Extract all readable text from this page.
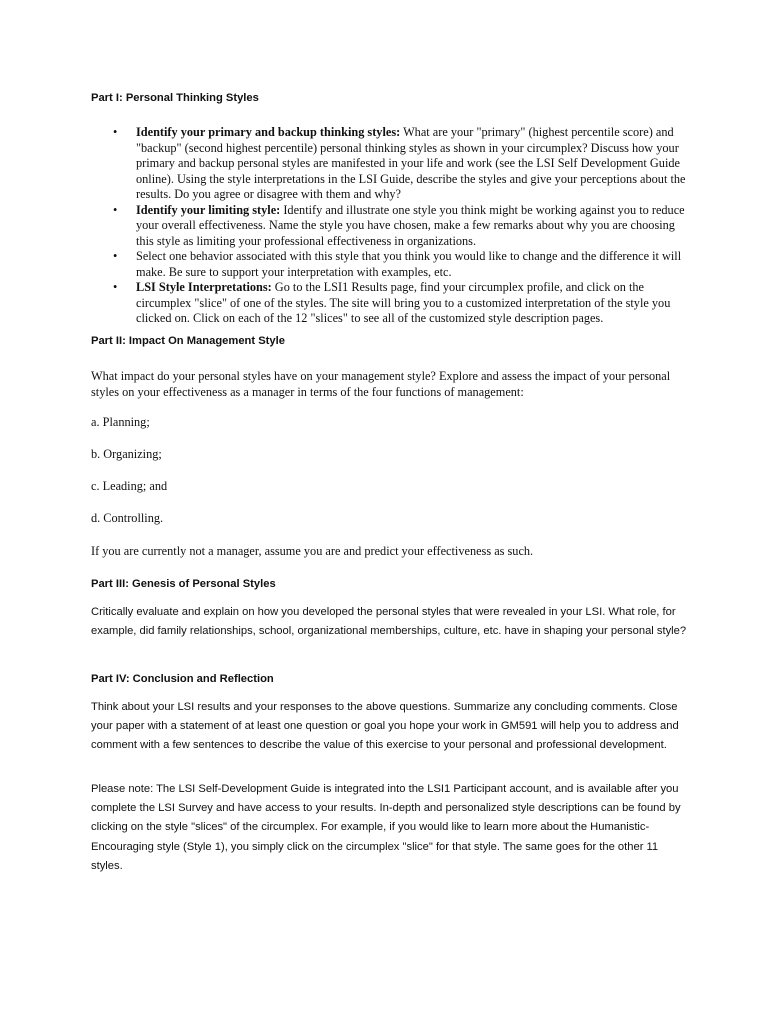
Part I: Personal Thinking Styles
• Identify your primary and backup thinking styles: What are your "primary" (highest percentile score) and "backup" (second highest percentile) personal thinking styles as shown in your circumplex? Discuss how your primary and backup personal styles are manifested in your life and work (see the LSI Self Development Guide online). Using the style interpretations in the LSI Guide, describe the styles and give your perceptions about the results. Do you agree or disagree with them and why?
• Identify your limiting style: Identify and illustrate one style you think might be working against you to reduce your overall effectiveness. Name the style you have chosen, make a few remarks about why you are choosing this style as limiting your professional effectiveness in organizations.
• Select one behavior associated with this style that you think you would like to change and the difference it will make. Be sure to support your interpretation with examples, etc.
• LSI Style Interpretations: Go to the LSI1 Results page, find your circumplex profile, and click on the circumplex "slice" of one of the styles. The site will bring you to a customized interpretation of the style you clicked on. Click on each of the 12 "slices" to see all of the customized style description pages.
Part II: Impact On Management Style

What impact do your personal styles have on your management style? Explore and assess the impact of your personal styles on your effectiveness as a manager in terms of the four functions of management:

a. Planning;

b. Organizing;

c. Leading; and

d. Controlling.

If you are currently not a manager, assume you are and predict your effectiveness as such.

Part III: Genesis of Personal Styles

Critically evaluate and explain on how you developed the personal styles that were revealed in your LSI. What role, for example, did family relationships, school, organizational memberships, culture, etc. have in shaping your personal style?

Part IV: Conclusion and Reflection

Think about your LSI results and your responses to the above questions. Summarize any concluding comments. Close your paper with a statement of at least one question or goal you hope your work in GM591 will help you to address and comment with a few sentences to describe the value of this exercise to your personal and professional development.

Please note: The LSI Self-Development Guide is integrated into the LSI1 Participant account, and is available after you complete the LSI Survey and have access to your results. In-depth and personalized style descriptions can be found by clicking on the style "slices" of the circumplex. For example, if you would like to learn more about the Humanistic-Encouraging style (Style 1), you simply click on the circumplex "slice" for that style. The same goes for the other 11 styles.
